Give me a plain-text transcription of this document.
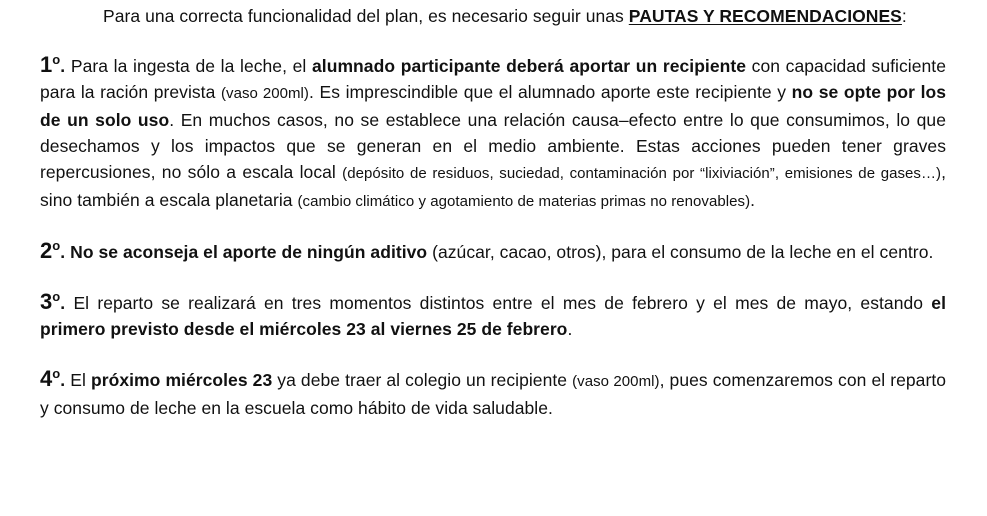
Para una correcta funcionalidad del plan, es necesario seguir unas PAUTAS Y RECOMENDACIONES:

1$^o$. Para la ingesta de la leche, el alumnado participante deberá aportar un recipiente con capacidad suficiente para la ración prevista (vaso 200ml). Es imprescindible que el alumnado aporte este recipiente y no se opte por los de un solo uso. En muchos casos, no se establece una relación causa–efecto entre lo que consumimos, lo que desechamos y los impactos que se generan en el medio ambiente. Estas acciones pueden tener graves repercusiones, no sólo a escala local (depósito de residuos, suciedad, contaminación por “lixiviación”, emisiones de gases…), sino también a escala planetaria (cambio climático y agotamiento de materias primas no renovables).

2$^o$. No se aconseja el aporte de ningún aditivo (azúcar, cacao, otros), para el consumo de la leche en el centro.

3$^o$. El reparto se realizará en tres momentos distintos entre el mes de febrero y el mes de mayo, estando el primero previsto desde el miércoles 23 al viernes 25 de febrero.

4$^o$. El próximo miércoles 23 ya debe traer al colegio un recipiente (vaso 200ml), pues comenzaremos con el reparto y consumo de leche en la escuela como hábito de vida saludable.
